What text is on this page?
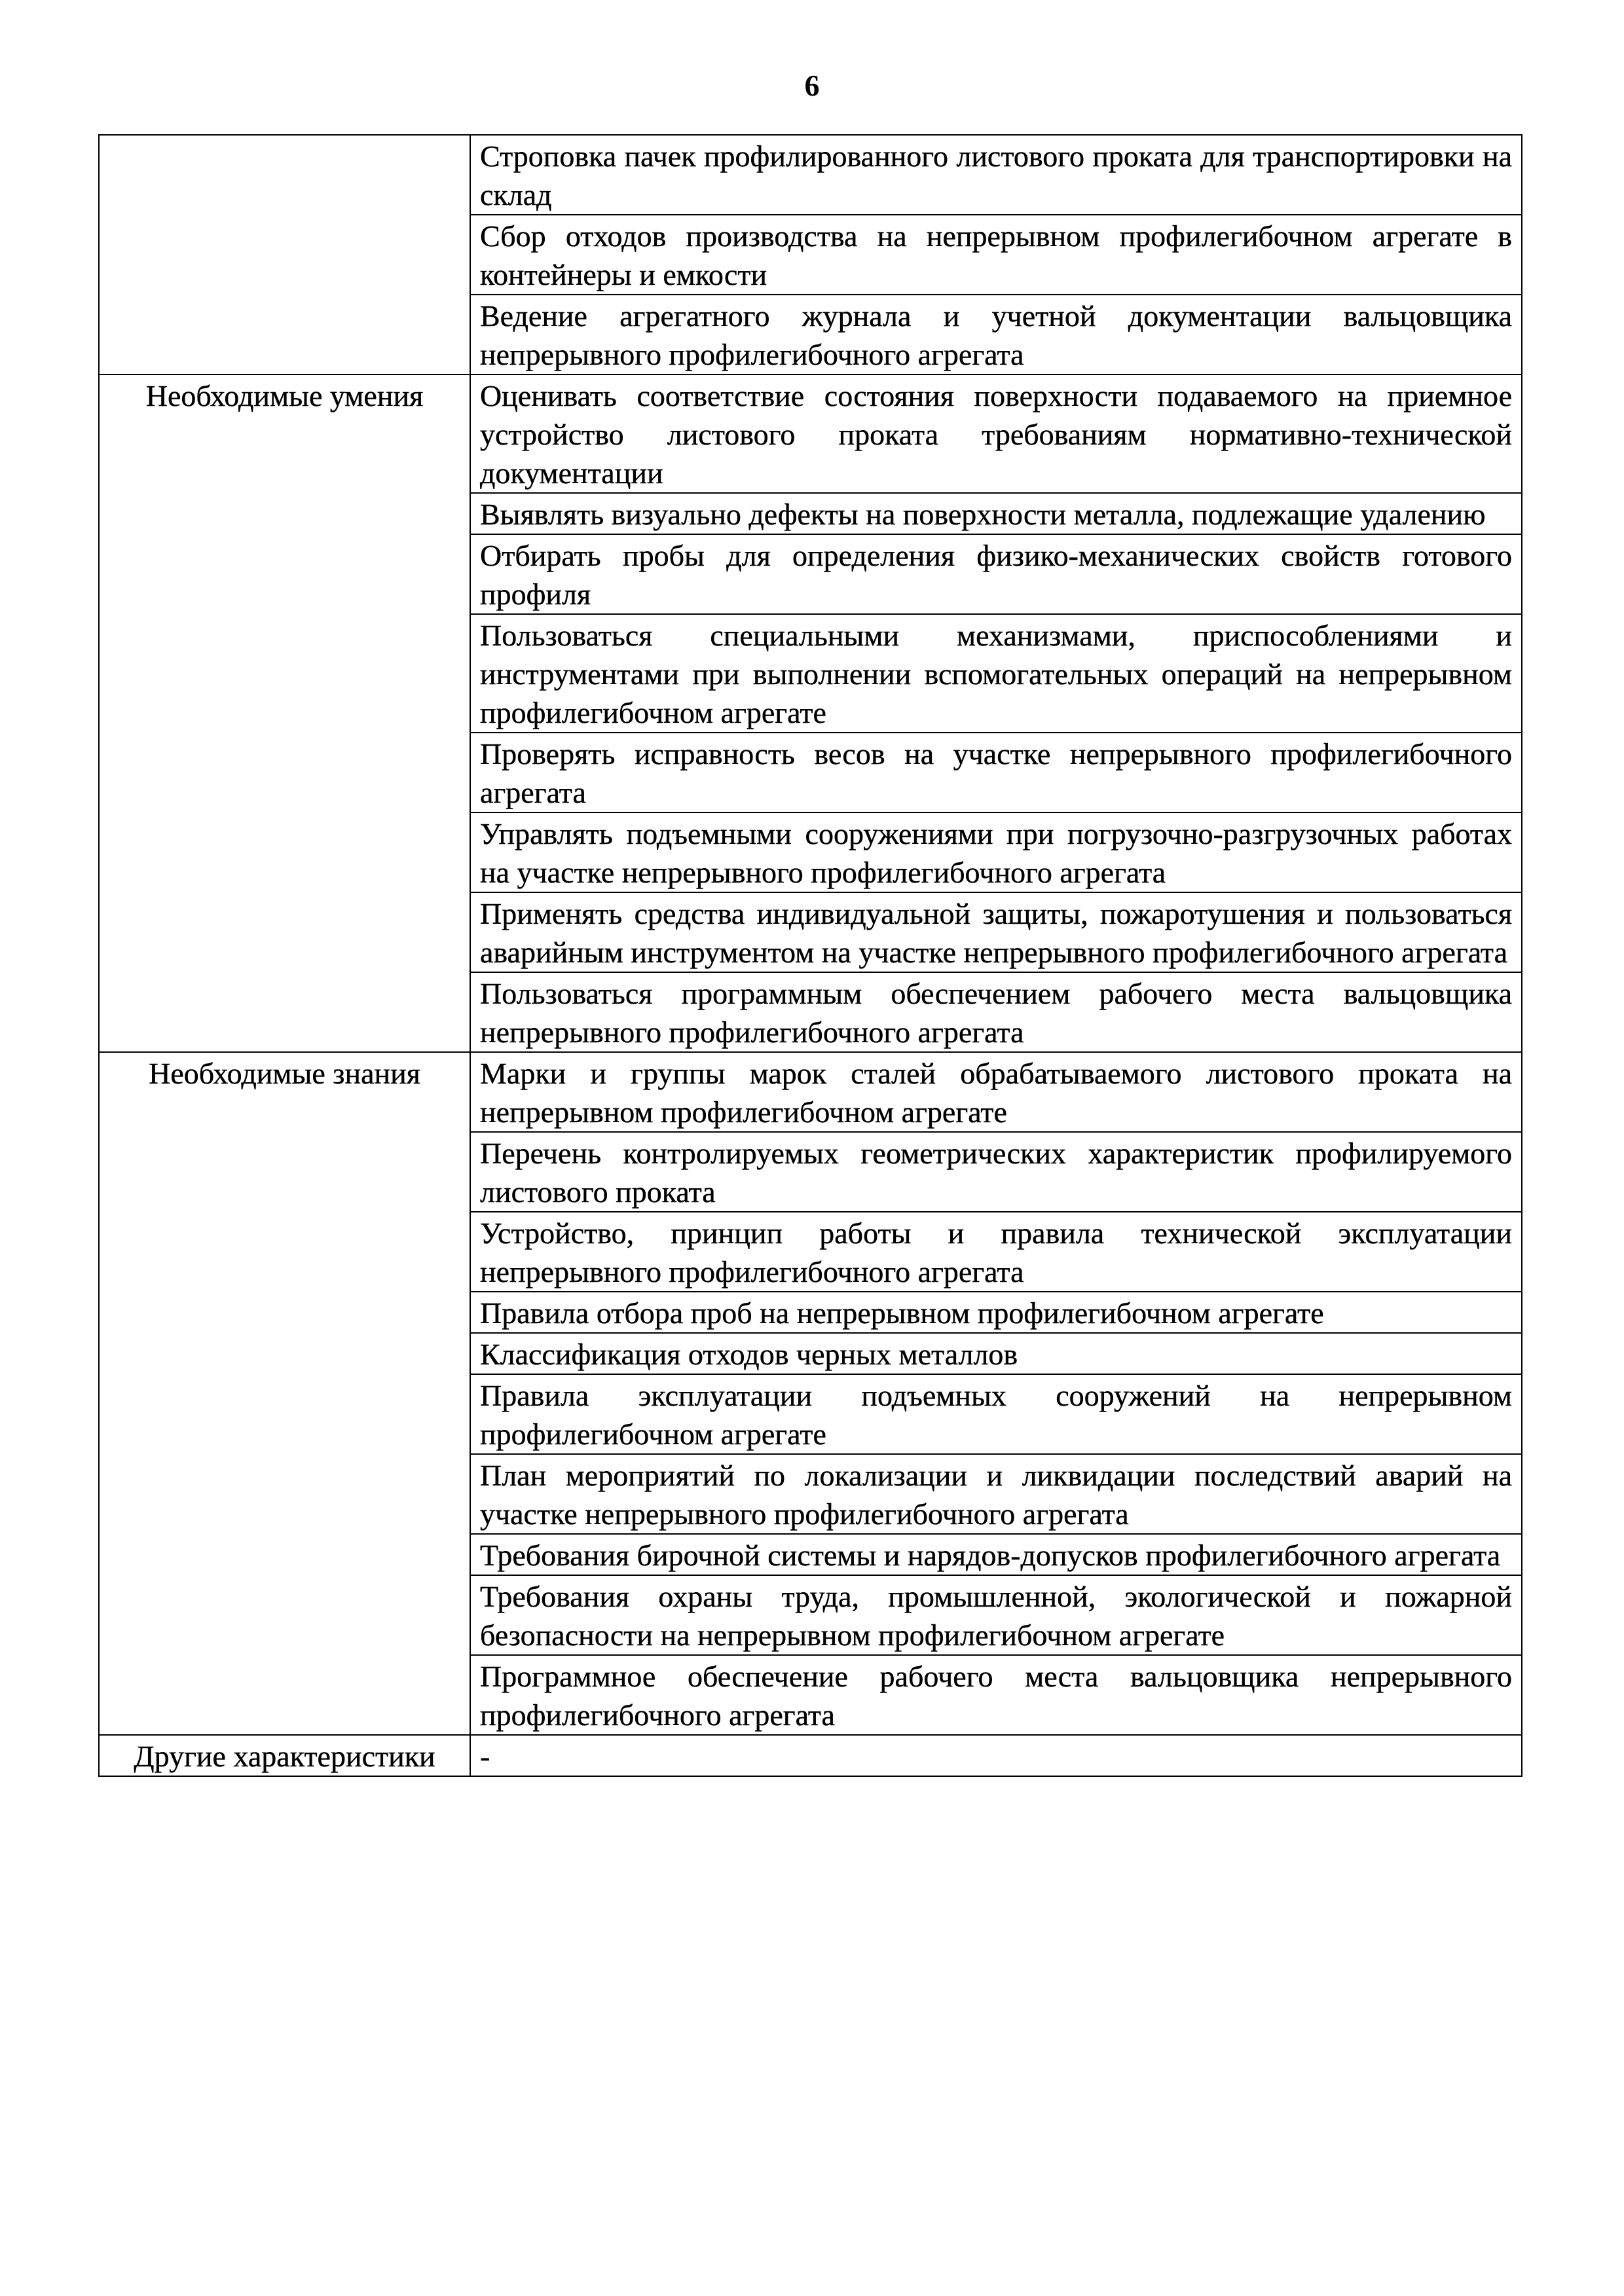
6
	Строповка пачек профилированного листового проката для транспортировки на склад
	Сбор отходов производства на непрерывном профилегибочном агрегате в контейнеры и емкости
	Ведение агрегатного журнала и учетной документации вальцовщика непрерывного профилегибочного агрегата
Необходимые умения	Оценивать соответствие состояния поверхности подаваемого на приемное устройство листового проката требованиям нормативно-технической документации
	Выявлять визуально дефекты на поверхности металла, подлежащие удалению
	Отбирать пробы для определения физико-механических свойств готового профиля
	Пользоваться специальными механизмами, приспособлениями и инструментами при выполнении вспомогательных операций на непрерывном профилегибочном агрегате
	Проверять исправность весов на участке непрерывного профилегибочного агрегата
	Управлять подъемными сооружениями при погрузочно-разгрузочных работах на участке непрерывного профилегибочного агрегата
	Применять средства индивидуальной защиты, пожаротушения и пользоваться аварийным инструментом на участке непрерывного профилегибочного агрегата
	Пользоваться программным обеспечением рабочего места вальцовщика непрерывного профилегибочного агрегата
Необходимые знания	Марки и группы марок сталей обрабатываемого листового проката на непрерывном профилегибочном агрегате
	Перечень контролируемых геометрических характеристик профилируемого листового проката
	Устройство, принцип работы и правила технической эксплуатации непрерывного профилегибочного агрегата
	Правила отбора проб на непрерывном профилегибочном агрегате
	Классификация отходов черных металлов
	Правила эксплуатации подъемных сооружений на непрерывном профилегибочном агрегате
	План мероприятий по локализации и ликвидации последствий аварий на участке непрерывного профилегибочного агрегата
	Требования бирочной системы и нарядов-допусков профилегибочного агрегата
	Требования охраны труда, промышленной, экологической и пожарной безопасности на непрерывном профилегибочном агрегате
	Программное обеспечение рабочего места вальцовщика непрерывного профилегибочного агрегата
Другие характеристики	-
